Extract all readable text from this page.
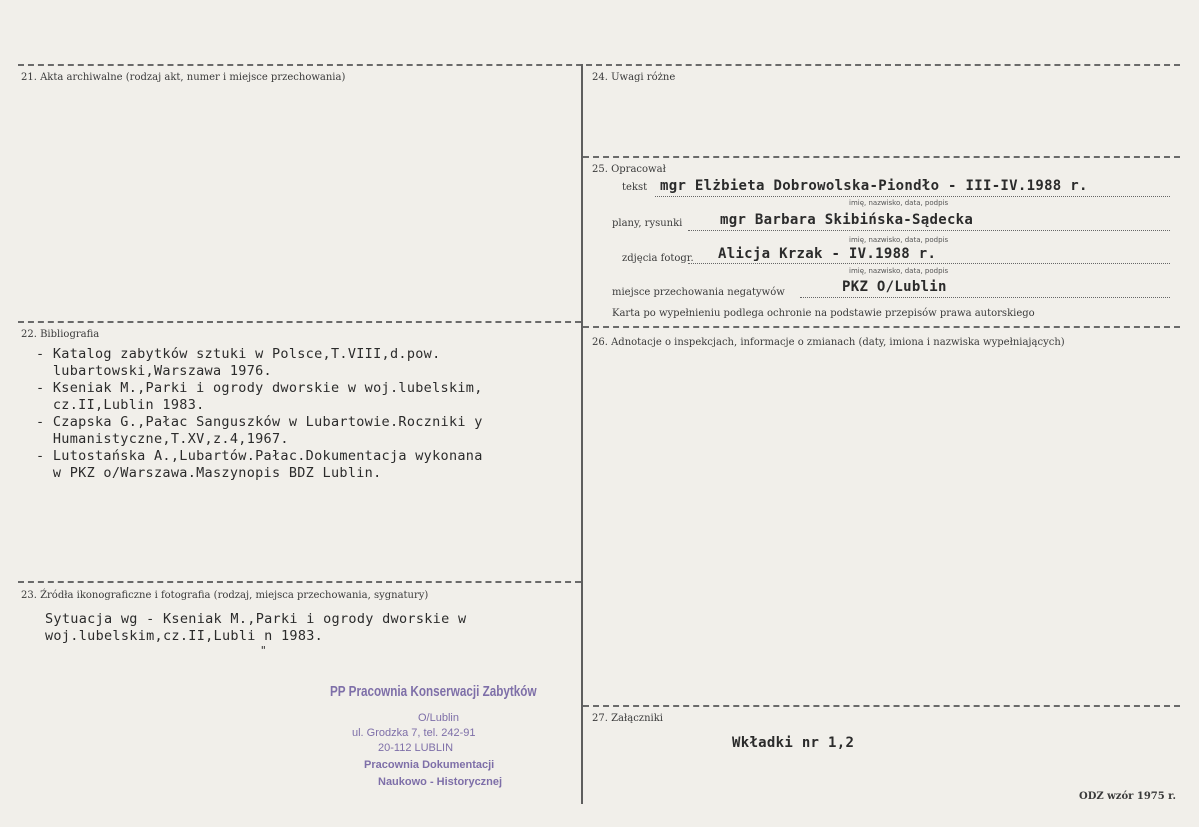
21. Akta archiwalne (rodzaj akt, numer i miejsce przechowania)
22. Bibliografia
- Katalog zabytków sztuki w Polsce,T.VIII,d.pow.
lubartowski,Warszawa 1976.
- Kseniak M.,Parki i ogrody dworskie w woj.lubelskim,
cz.II,Lublin 1983.
- Czapska G.,Pałac Sanguszków w Lubartowie.Roczniki y
Humanistyczne,T.XV,z.4,1967.
- Lutostańska A.,Lubartów.Pałac.Dokumentacja wykonana
w PKZ o/Warszawa.Maszynopis BDZ Lublin.
23. Źródła ikonograficzne i fotografia (rodzaj, miejsca przechowania, sygnatury)
Sytuacja wg - Kseniak M.,Parki i ogrody dworskie w
woj.lubelskim,cz.II,Lubli n 1983.
"
PP Pracownia Konserwacji Zabytków
O/Lublin
ul. Grodzka 7, tel. 242-91
20-112 LUBLIN
Pracownia Dokumentacji
Naukowo - Historycznej
24. Uwagi różne
25. Opracował
tekst mgr Elżbieta Dobrowolska-Piondło - III-IV.1988 r.
imię, nazwisko, data, podpis
plany, rysunki	mgr Barbara Skibińska-Sądecka
imię, nazwisko, data, podpis
zdjęcia fotogr. Alicja Krzak - IV.1988 r.
imię, nazwisko, data, podpis
miejsce przechowania negatywów	PKZ O/Lublin
Karta po wypełnieniu podlega ochronie na podstawie przepisów prawa autorskiego
26. Adnotacje o inspekcjach, informacje o zmianach (daty, imiona i nazwiska wypełniających)
27. Załączniki
Wkładki nr 1,2
ODZ wzór 1975 r.
